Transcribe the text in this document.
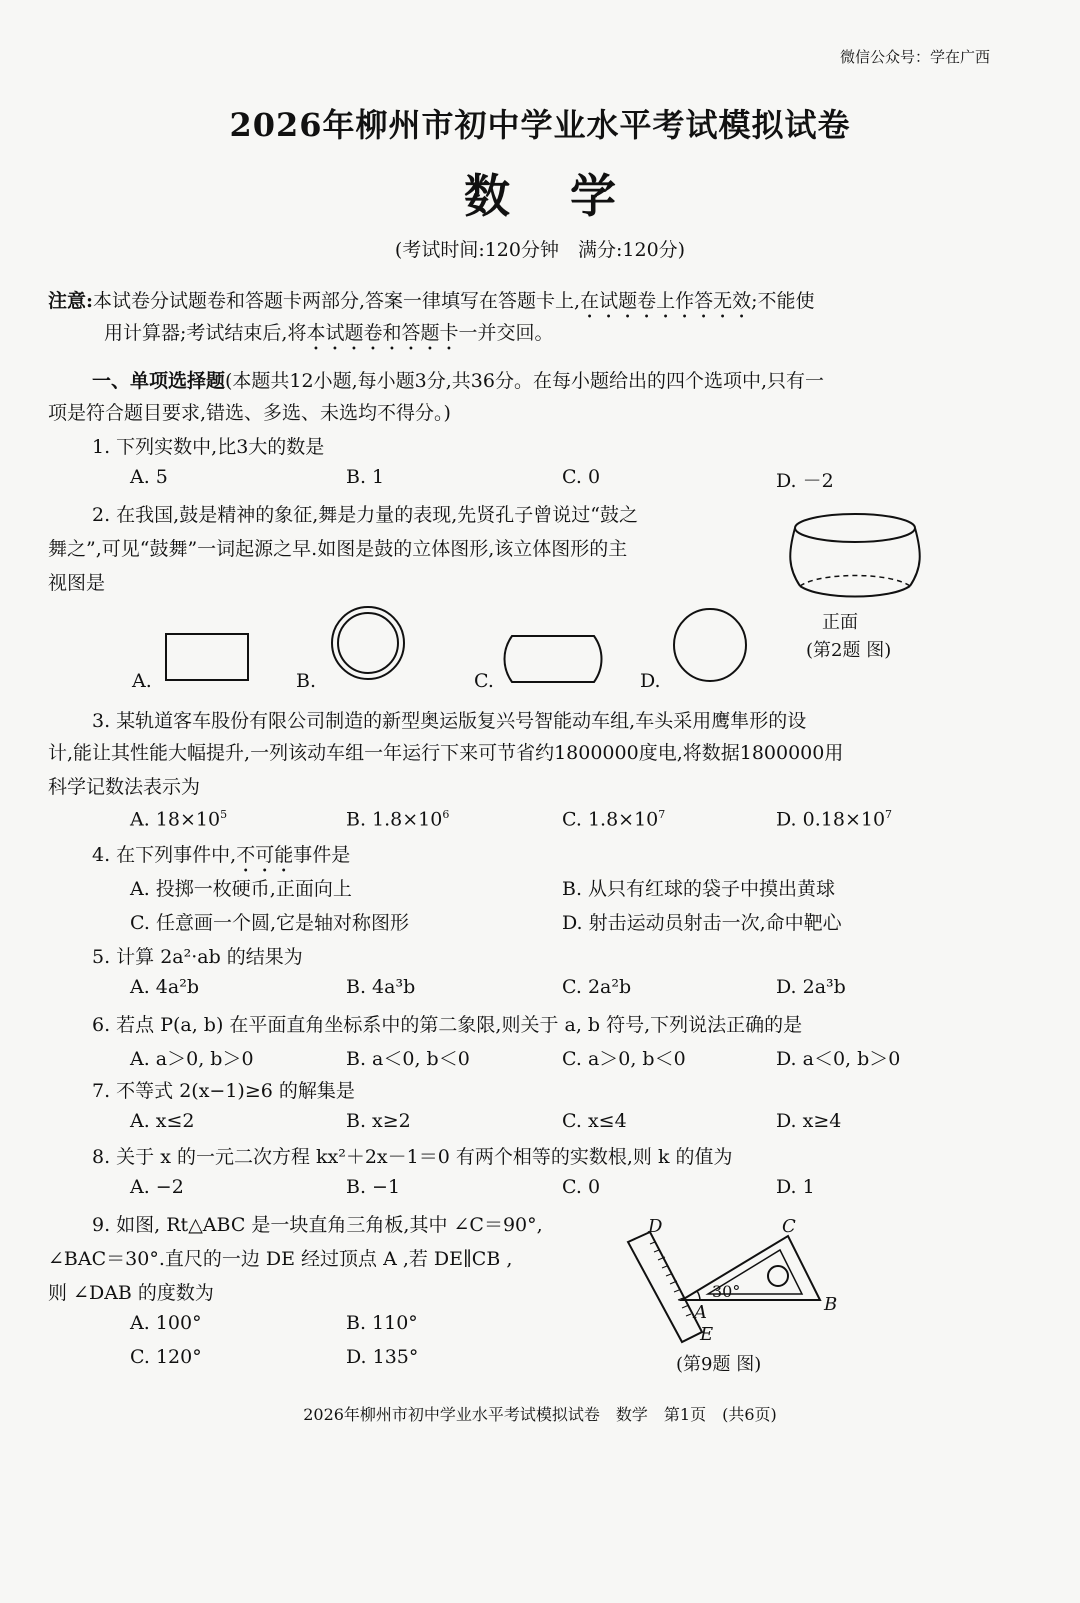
微信公众号：学在广西
2026年柳州市初中学业水平考试模拟试卷
数学
(考试时间:120分钟　满分:120分)
注意:本试卷分试题卷和答题卡两部分,答案一律填写在答题卡上,在试题卷上作答无效;不能使
用计算器;考试结束后,将本试题卷和答题卡一并交回。
一、单项选择题(本题共12小题,每小题3分,共36分。在每小题给出的四个选项中,只有一
项是符合题目要求,错选、多选、未选均不得分。)
1. 下列实数中,比3大的数是
A. 5	B. 1	C. 0	D. －2
2. 在我国,鼓是精神的象征,舞是力量的表现,先贤孔子曾说过“鼓之
舞之”,可见“鼓舞”一词起源之早.如图是鼓的立体图形,该立体图形的主
视图是
正面
(第2题 图)
A.	B.	C.	D.
3. 某轨道客车股份有限公司制造的新型奥运版复兴号智能动车组,车头采用鹰隼形的设
计,能让其性能大幅提升,一列该动车组一年运行下来可节省约1800000度电,将数据1800000用
科学记数法表示为
A. $18\times 10^5$	B. $1.8\times 10^6$	C. $1.8\times 10^7$	D. $0.18\times 10^7$
4. 在下列事件中,不可能事件是
A. 投掷一枚硬币,正面向上	B. 从只有红球的袋子中摸出黄球
C. 任意画一个圆,它是轴对称图形	D. 射击运动员射击一次,命中靶心
5. 计算 2a²·ab 的结果为
A. 4a²b	B. 4a³b	C. 2a²b	D. 2a³b
6. 若点 P(a, b) 在平面直角坐标系中的第二象限,则关于 a, b 符号,下列说法正确的是
A. a＞0, b＞0	B. a＜0, b＜0	C. a＞0, b＜0	D. a＜0, b＞0
7. 不等式 2(x−1)≥6 的解集是
A. x≤2	B. x≥2	C. x≤4	D. x≥4
8. 关于 x 的一元二次方程 kx²＋2x－1＝0 有两个相等的实数根,则 k 的值为
A. −2	B. −1	C. 0	D. 1
9. 如图, Rt△ABC 是一块直角三角板,其中 ∠C＝90°,
∠BAC＝30°.直尺的一边 DE 经过顶点 A ,若 DE∥CB ,
则 ∠DAB 的度数为
A. 100°	B. 110°
C. 120°	D. 135°
D	C
30°
A	B
E
(第9题 图)
2026年柳州市初中学业水平考试模拟试卷　数学　第1页　(共6页)
